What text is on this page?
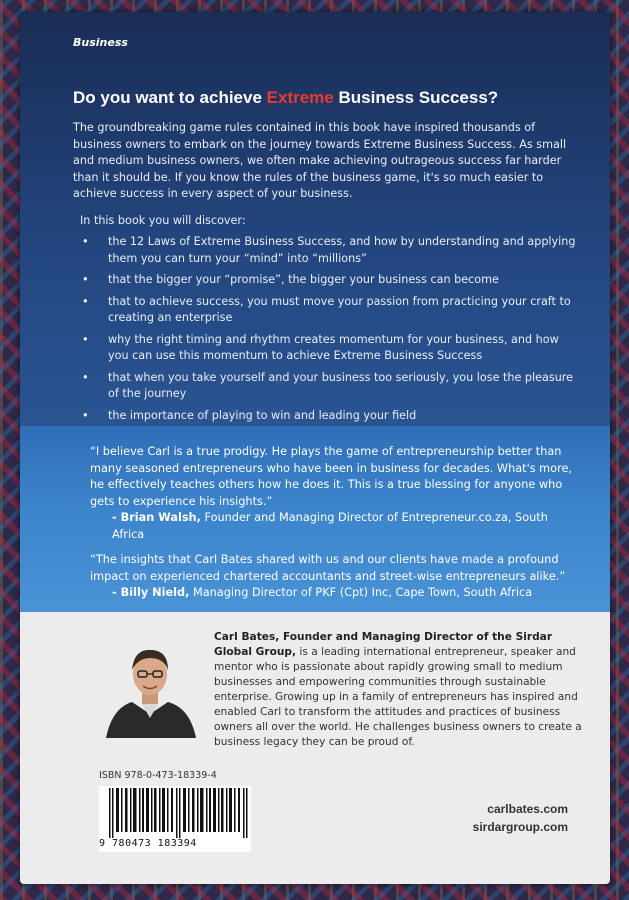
Business
Do you want to achieve Extreme Business Success?
The groundbreaking game rules contained in this book have inspired thousands of business owners to embark on the journey towards Extreme Business Success. As small and medium business owners, we often make achieving outrageous success far harder than it should be. If you know the rules of the business game, it's so much easier to achieve success in every aspect of your business.
In this book you will discover:
• the 12 Laws of Extreme Business Success, and how by understanding and applying them you can turn your “mind” into “millions”
• that the bigger your “promise”, the bigger your business can become
• that to achieve success, you must move your passion from practicing your craft to creating an enterprise
• why the right timing and rhythm creates momentum for your business, and how you can use this momentum to achieve Extreme Business Success
• that when you take yourself and your business too seriously, you lose the pleasure of the journey
• the importance of playing to win and leading your field
“I believe Carl is a true prodigy. He plays the game of entrepreneurship better than many seasoned entrepreneurs who have been in business for decades. What's more, he effectively teaches others how he does it. This is a true blessing for anyone who gets to experience his insights.”
- Brian Walsh, Founder and Managing Director of Entrepreneur.co.za, South Africa
“The insights that Carl Bates shared with us and our clients have made a profound impact on experienced chartered accountants and street-wise entrepreneurs alike.”
- Billy Nield, Managing Director of PKF (Cpt) Inc, Cape Town, South Africa
Carl Bates, Founder and Managing Director of the Sirdar Global Group, is a leading international entrepreneur, speaker and mentor who is passionate about rapidly growing small to medium businesses and empowering communities through sustainable enterprise. Growing up in a family of entrepreneurs has inspired and enabled Carl to transform the attitudes and practices of business owners all over the world. He challenges business owners to create a business legacy they can be proud of.
ISBN 978-0-473-18339-4
9 780473 183394
carlbates.com
sirdargroup.com
